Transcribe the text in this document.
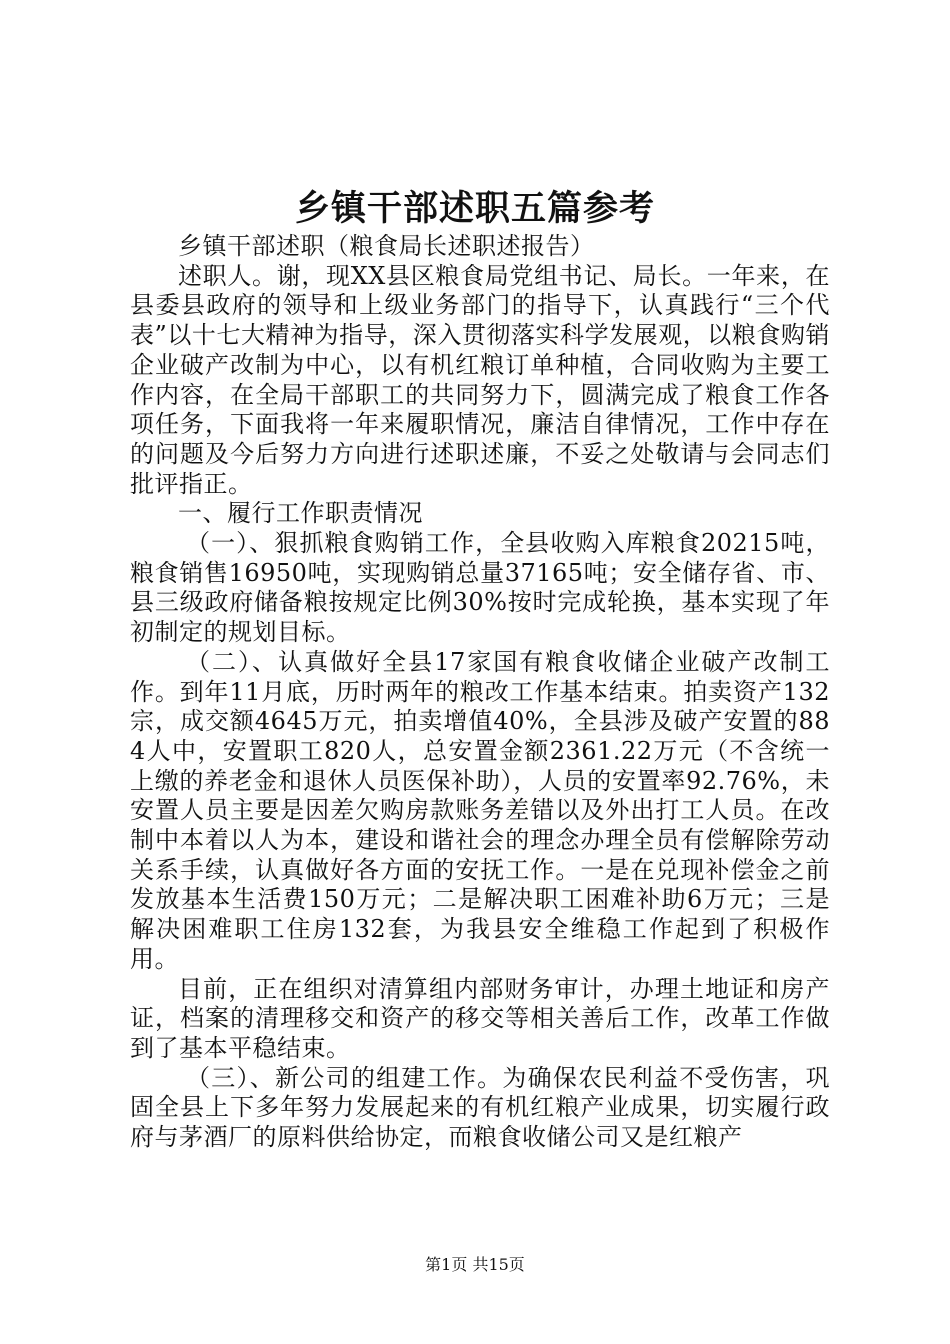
乡镇干部述职五篇参考

乡镇干部述职（粮食局长述职述报告）

述职人。谢，现XX县区粮食局党组书记、局长。一年来，在县委县政府的领导和上级业务部门的指导下，认真践行“三个代表”以十七大精神为指导，深入贯彻落实科学发展观，以粮食购销企业破产改制为中心，以有机红粮订单种植，合同收购为主要工作内容，在全局干部职工的共同努力下，圆满完成了粮食工作各项任务，下面我将一年来履职情况，廉洁自律情况，工作中存在的问题及今后努力方向进行述职述廉，不妥之处敬请与会同志们批评指正。

一、履行工作职责情况

（一）、狠抓粮食购销工作，全县收购入库粮食20215吨，粮食销售16950吨，实现购销总量37165吨；安全储存省、市、县三级政府储备粮按规定比例30%按时完成轮换，基本实现了年初制定的规划目标。

（二）、认真做好全县17家国有粮食收储企业破产改制工作。到年11月底，历时两年的粮改工作基本结束。拍卖资产132宗，成交额4645万元，拍卖增值40%，全县涉及破产安置的884人中，安置职工820人，总安置金额2361.22万元（不含统一上缴的养老金和退休人员医保补助），人员的安置率92.76%，未安置人员主要是因差欠购房款账务差错以及外出打工人员。在改制中本着以人为本，建设和谐社会的理念办理全员有偿解除劳动关系手续，认真做好各方面的安抚工作。一是在兑现补偿金之前发放基本生活费150万元；二是解决职工困难补助6万元；三是解决困难职工住房132套，为我县安全维稳工作起到了积极作用。

目前，正在组织对清算组内部财务审计，办理土地证和房产证，档案的清理移交和资产的移交等相关善后工作，改革工作做到了基本平稳结束。

（三）、新公司的组建工作。为确保农民利益不受伤害，巩固全县上下多年努力发展起来的有机红粮产业成果，切实履行政府与茅酒厂的原料供给协定，而粮食收储公司又是红粮产

第1页 共15页
